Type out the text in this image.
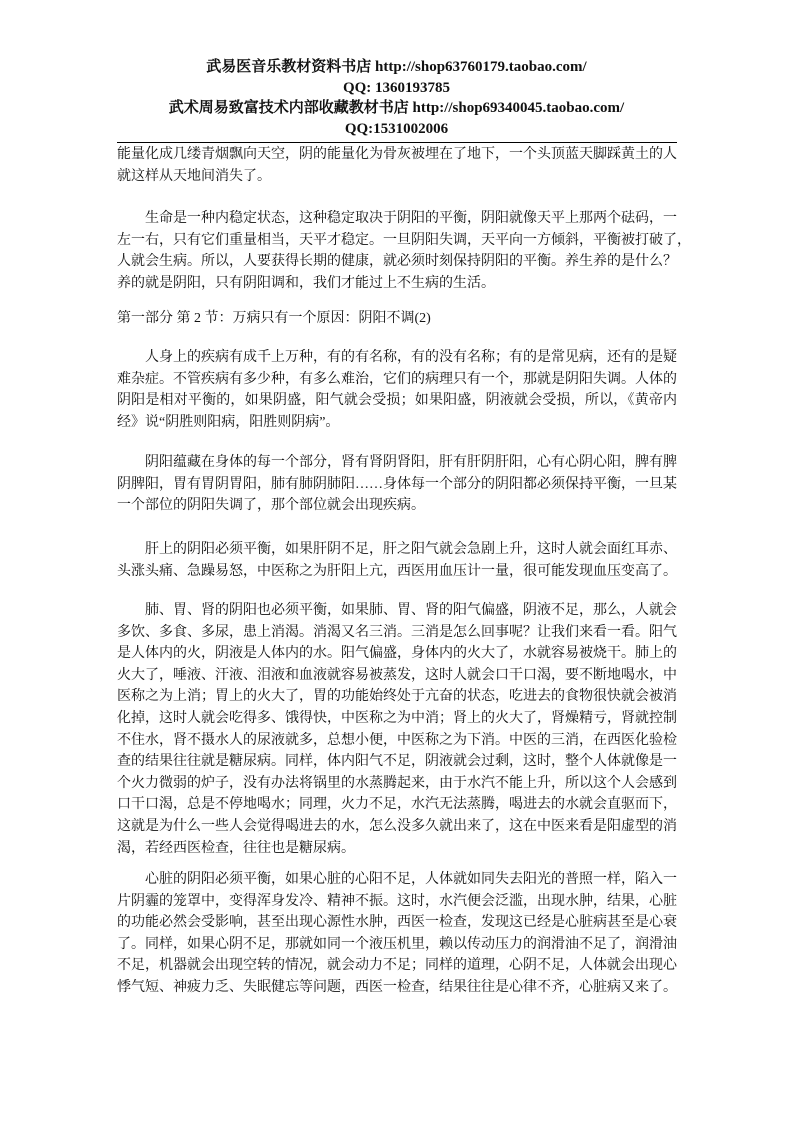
武易医音乐教材资料书店 http://shop63760179.taobao.com/
QQ: 1360193785
武术周易致富技术内部收藏教材书店 http://shop69340045.taobao.com/
QQ:1531002006
能量化成几缕青烟飘向天空，阴的能量化为骨灰被埋在了地下，一个头顶蓝天脚踩黄土的人
就这样从天地间消失了。
生命是一种内稳定状态，这种稳定取决于阴阳的平衡，阴阳就像天平上那两个砝码，一
左一右，只有它们重量相当，天平才稳定。一旦阴阳失调，天平向一方倾斜，平衡被打破了，
人就会生病。所以，人要获得长期的健康，就必须时刻保持阴阳的平衡。养生养的是什么？
养的就是阴阳，只有阴阳调和，我们才能过上不生病的生活。
第一部分 第 2 节：万病只有一个原因：阴阳不调(2)
人身上的疾病有成千上万种，有的有名称，有的没有名称；有的是常见病，还有的是疑
难杂症。不管疾病有多少种，有多么难治，它们的病理只有一个，那就是阴阳失调。人体的
阴阳是相对平衡的，如果阴盛，阳气就会受损；如果阳盛，阴液就会受损，所以，《黄帝内
经》说“阴胜则阳病，阳胜则阴病”。
阴阳蕴藏在身体的每一个部分，肾有肾阴肾阳，肝有肝阴肝阳，心有心阴心阳，脾有脾
阴脾阳，胃有胃阴胃阳，肺有肺阴肺阳……身体每一个部分的阴阳都必须保持平衡，一旦某
一个部位的阴阳失调了，那个部位就会出现疾病。
肝上的阴阳必须平衡，如果肝阴不足，肝之阳气就会急剧上升，这时人就会面红耳赤、
头涨头痛、急躁易怒，中医称之为肝阳上亢，西医用血压计一量，很可能发现血压变高了。
肺、胃、肾的阴阳也必须平衡，如果肺、胃、肾的阳气偏盛，阴液不足，那么，人就会
多饮、多食、多尿，患上消渴。消渴又名三消。三消是怎么回事呢？让我们来看一看。阳气
是人体内的火，阴液是人体内的水。阳气偏盛，身体内的火大了，水就容易被烧干。肺上的
火大了，唾液、汗液、泪液和血液就容易被蒸发，这时人就会口干口渴，要不断地喝水，中
医称之为上消；胃上的火大了，胃的功能始终处于亢奋的状态，吃进去的食物很快就会被消
化掉，这时人就会吃得多、饿得快，中医称之为中消；肾上的火大了，肾燥精亏，肾就控制
不住水，肾不摄水人的尿液就多，总想小便，中医称之为下消。中医的三消，在西医化验检
查的结果往往就是糖尿病。同样，体内阳气不足，阴液就会过剩，这时，整个人体就像是一
个火力微弱的炉子，没有办法将锅里的水蒸腾起来，由于水汽不能上升，所以这个人会感到
口干口渴，总是不停地喝水；同理，火力不足，水汽无法蒸腾，喝进去的水就会直驱而下，
这就是为什么一些人会觉得喝进去的水，怎么没多久就出来了，这在中医来看是阳虚型的消
渴，若经西医检查，往往也是糖尿病。
心脏的阴阳必须平衡，如果心脏的心阳不足，人体就如同失去阳光的普照一样，陷入一
片阴霾的笼罩中，变得浑身发冷、精神不振。这时，水汽便会泛滥，出现水肿，结果，心脏
的功能必然会受影响，甚至出现心源性水肿，西医一检查，发现这已经是心脏病甚至是心衰
了。同样，如果心阴不足，那就如同一个液压机里，赖以传动压力的润滑油不足了，润滑油
不足，机器就会出现空转的情况，就会动力不足；同样的道理，心阴不足，人体就会出现心
悸气短、神疲力乏、失眠健忘等问题，西医一检查，结果往往是心律不齐，心脏病又来了。
